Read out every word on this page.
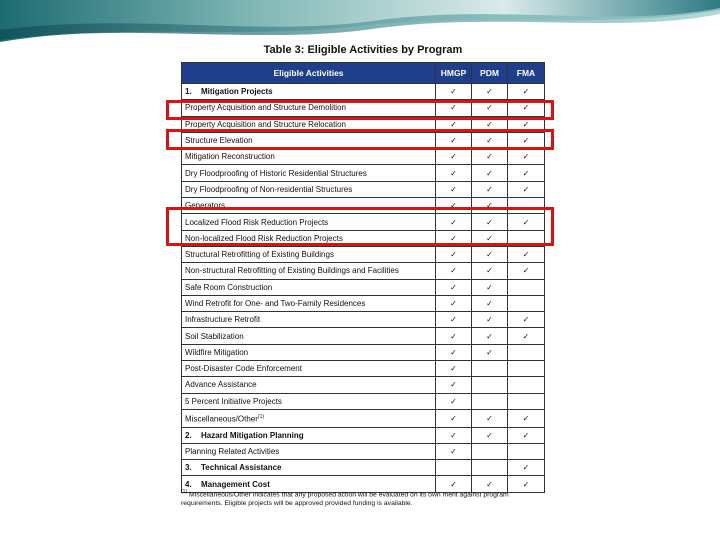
Table 3: Eligible Activities by Program
Eligible Activities	HMGP	PDM	FMA
1. Mitigation Projects	✓	✓	✓
Property Acquisition and Structure Demolition	✓	✓	✓
Property Acquisition and Structure Relocation	✓	✓	✓
Structure Elevation	✓	✓	✓
Mitigation Reconstruction	✓	✓	✓
Dry Floodproofing of Historic Residential Structures	✓	✓	✓
Dry Floodproofing of Non-residential Structures	✓	✓	✓
Generators	✓	✓	
Localized Flood Risk Reduction Projects	✓	✓	✓
Non-localized Flood Risk Reduction Projects	✓	✓	
Structural Retrofitting of Existing Buildings	✓	✓	✓
Non-structural Retrofitting of Existing Buildings and Facilities	✓	✓	✓
Safe Room Construction	✓	✓	
Wind Retrofit for One- and Two-Family Residences	✓	✓	
Infrastructure Retrofit	✓	✓	✓
Soil Stabilization	✓	✓	✓
Wildfire Mitigation	✓	✓	
Post-Disaster Code Enforcement	✓		
Advance Assistance	✓		
5 Percent Initiative Projects	✓		
Miscellaneous/Other$^{(1)}$	✓	✓	✓
2. Hazard Mitigation Planning	✓	✓	✓
Planning Related Activities	✓		
3. Technical Assistance			✓
4. Management Cost	✓	✓	✓
$^{(1)}$ Miscellaneous/Other indicates that any proposed action will be evaluated on its own merit against program requirements. Eligible projects will be approved provided funding is available.
